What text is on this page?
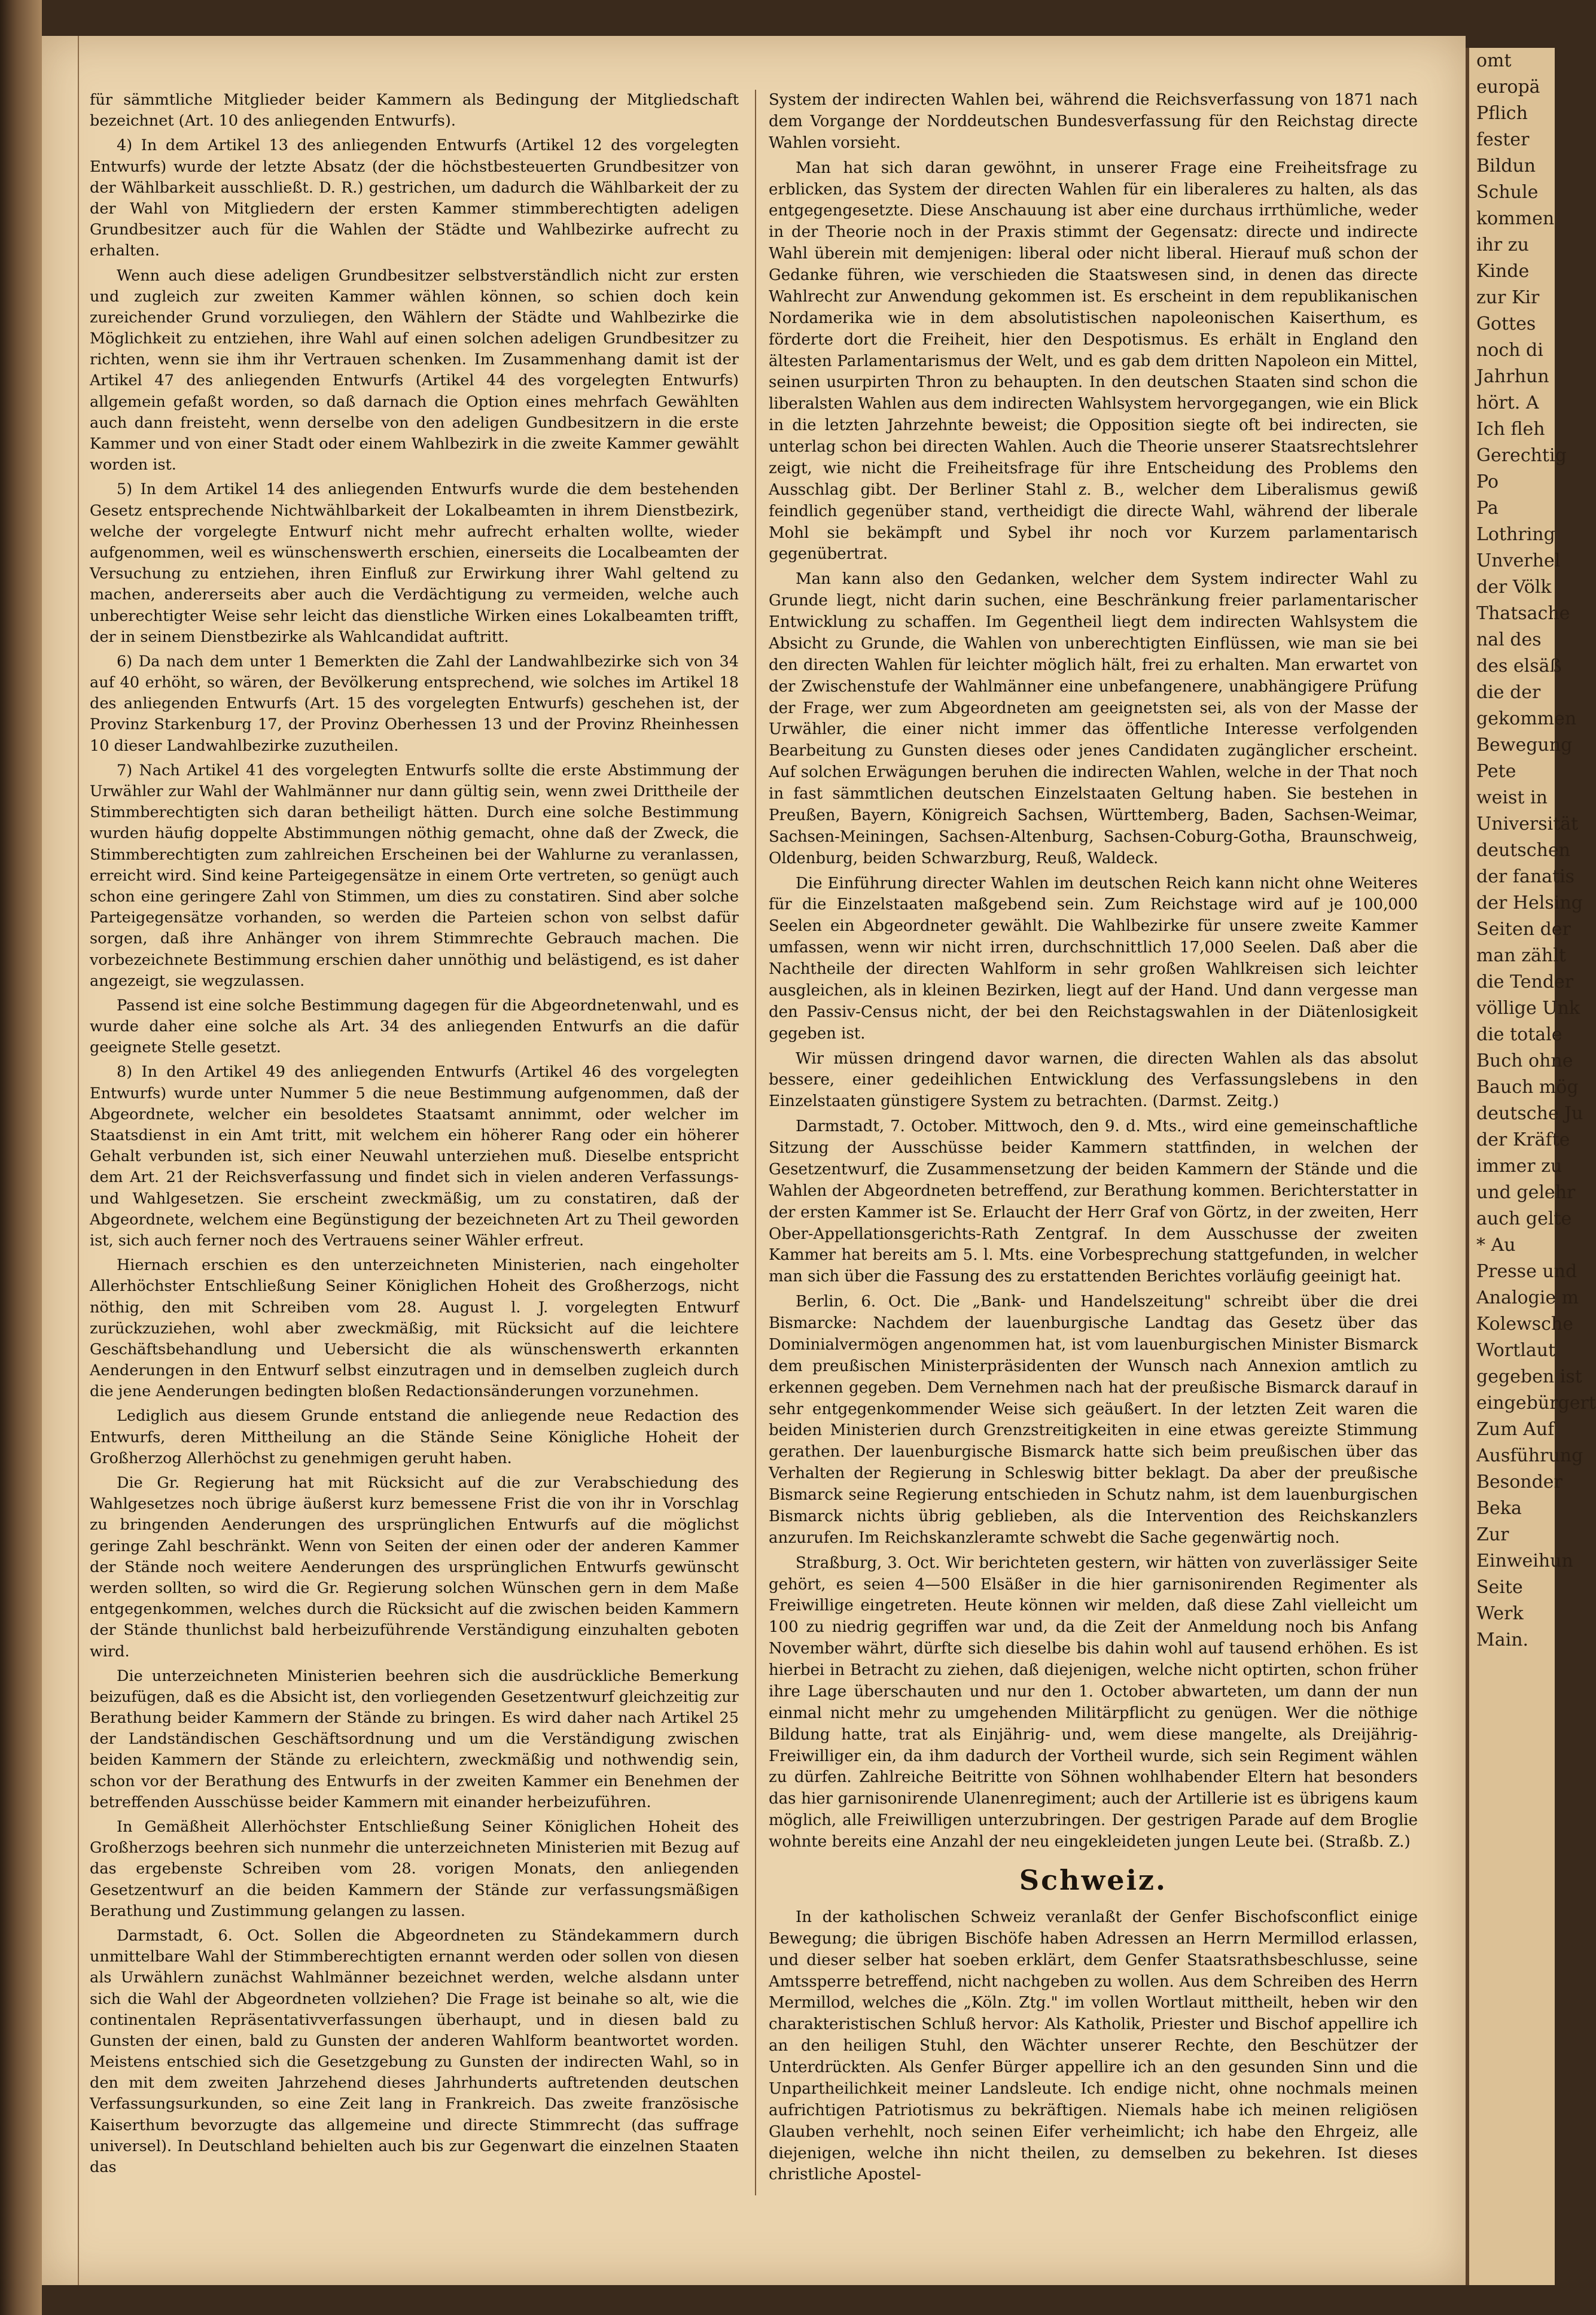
omt
europä
Pflich
fester
Bildun
Schule
kommen
ihr zu
Kinde
zur Kir
Gottes
noch di
Jahrhun
hört. A
Ich fleh
Gerechtig
Po
Pa
Lothring
Unverhel
der Völk
Thatsache
nal des
des elsäß
die der
gekommen
Bewegung
Pete
weist in
Universität
deutschen
der fanatis
der Helsing
Seiten der
man zählt
die Tender
völlige Unk
die totale
Buch ohne
Bauch mög
deutsche Ju
der Kräfte
immer zu
und gelehr
auch gelte
* Au
Presse und
Analogie m
Kolewsche
Wortlaut
gegeben ist
eingebürgert
Zum Auf
Ausführung
Besonder
Beka
Zur
Einweihun
Seite
Werk
Main.

für sämmtliche Mitglieder beider Kammern als Bedingung der Mitgliedschaft bezeichnet (Art. 10 des anliegenden Entwurfs).

4) In dem Artikel 13 des anliegenden Entwurfs (Artikel 12 des vorgelegten Entwurfs) wurde der letzte Absatz (der die höchstbesteuerten Grundbesitzer von der Wählbarkeit ausschließt. D. R.) gestrichen, um dadurch die Wählbarkeit der zu der Wahl von Mitgliedern der ersten Kammer stimmberechtigten adeligen Grundbesitzer auch für die Wahlen der Städte und Wahlbezirke aufrecht zu erhalten.

Wenn auch diese adeligen Grundbesitzer selbstverständlich nicht zur ersten und zugleich zur zweiten Kammer wählen können, so schien doch kein zureichender Grund vorzuliegen, den Wählern der Städte und Wahlbezirke die Möglichkeit zu entziehen, ihre Wahl auf einen solchen adeligen Grundbesitzer zu richten, wenn sie ihm ihr Vertrauen schenken. Im Zusammenhang damit ist der Artikel 47 des anliegenden Entwurfs (Artikel 44 des vorgelegten Entwurfs) allgemein gefaßt worden, so daß darnach die Option eines mehrfach Gewählten auch dann freisteht, wenn derselbe von den adeligen Gundbesitzern in die erste Kammer und von einer Stadt oder einem Wahlbezirk in die zweite Kammer gewählt worden ist.

5) In dem Artikel 14 des anliegenden Entwurfs wurde die dem bestehenden Gesetz entsprechende Nichtwählbarkeit der Lokalbeamten in ihrem Dienstbezirk, welche der vorgelegte Entwurf nicht mehr aufrecht erhalten wollte, wieder aufgenommen, weil es wünschenswerth erschien, einerseits die Localbeamten der Versuchung zu entziehen, ihren Einfluß zur Erwirkung ihrer Wahl geltend zu machen, andererseits aber auch die Verdächtigung zu vermeiden, welche auch unberechtigter Weise sehr leicht das dienstliche Wirken eines Lokalbeamten trifft, der in seinem Dienstbezirke als Wahlcandidat auftritt.

6) Da nach dem unter 1 Bemerkten die Zahl der Landwahlbezirke sich von 34 auf 40 erhöht, so wären, der Bevölkerung entsprechend, wie solches im Artikel 18 des anliegenden Entwurfs (Art. 15 des vorgelegten Entwurfs) geschehen ist, der Provinz Starkenburg 17, der Provinz Oberhessen 13 und der Provinz Rheinhessen 10 dieser Landwahlbezirke zuzutheilen.

7) Nach Artikel 41 des vorgelegten Entwurfs sollte die erste Abstimmung der Urwähler zur Wahl der Wahlmänner nur dann gültig sein, wenn zwei Drittheile der Stimmberechtigten sich daran betheiligt hätten. Durch eine solche Bestimmung wurden häufig doppelte Abstimmungen nöthig gemacht, ohne daß der Zweck, die Stimmberechtigten zum zahlreichen Erscheinen bei der Wahlurne zu veranlassen, erreicht wird. Sind keine Parteigegensätze in einem Orte vertreten, so genügt auch schon eine geringere Zahl von Stimmen, um dies zu constatiren. Sind aber solche Parteigegensätze vorhanden, so werden die Parteien schon von selbst dafür sorgen, daß ihre Anhänger von ihrem Stimmrechte Gebrauch machen. Die vorbezeichnete Bestimmung erschien daher unnöthig und belästigend, es ist daher angezeigt, sie wegzulassen.

Passend ist eine solche Bestimmung dagegen für die Abgeordnetenwahl, und es wurde daher eine solche als Art. 34 des anliegenden Entwurfs an die dafür geeignete Stelle gesetzt.

8) In den Artikel 49 des anliegenden Entwurfs (Artikel 46 des vorgelegten Entwurfs) wurde unter Nummer 5 die neue Bestimmung aufgenommen, daß der Abgeordnete, welcher ein besoldetes Staatsamt annimmt, oder welcher im Staatsdienst in ein Amt tritt, mit welchem ein höherer Rang oder ein höherer Gehalt verbunden ist, sich einer Neuwahl unterziehen muß. Dieselbe entspricht dem Art. 21 der Reichsverfassung und findet sich in vielen anderen Verfassungs- und Wahlgesetzen. Sie erscheint zweckmäßig, um zu constatiren, daß der Abgeordnete, welchem eine Begünstigung der bezeichneten Art zu Theil geworden ist, sich auch ferner noch des Vertrauens seiner Wähler erfreut.

Hiernach erschien es den unterzeichneten Ministerien, nach eingeholter Allerhöchster Entschließung Seiner Königlichen Hoheit des Großherzogs, nicht nöthig, den mit Schreiben vom 28. August l. J. vorgelegten Entwurf zurückzuziehen, wohl aber zweckmäßig, mit Rücksicht auf die leichtere Geschäftsbehandlung und Uebersicht die als wünschenswerth erkannten Aenderungen in den Entwurf selbst einzutragen und in demselben zugleich durch die jene Aenderungen bedingten bloßen Redactionsänderungen vorzunehmen.

Lediglich aus diesem Grunde entstand die anliegende neue Redaction des Entwurfs, deren Mittheilung an die Stände Seine Königliche Hoheit der Großherzog Allerhöchst zu genehmigen geruht haben.

Die Gr. Regierung hat mit Rücksicht auf die zur Verabschiedung des Wahlgesetzes noch übrige äußerst kurz bemessene Frist die von ihr in Vorschlag zu bringenden Aenderungen des ursprünglichen Entwurfs auf die möglichst geringe Zahl beschränkt. Wenn von Seiten der einen oder der anderen Kammer der Stände noch weitere Aenderungen des ursprünglichen Entwurfs gewünscht werden sollten, so wird die Gr. Regierung solchen Wünschen gern in dem Maße entgegenkommen, welches durch die Rücksicht auf die zwischen beiden Kammern der Stände thunlichst bald herbeizuführende Verständigung einzuhalten geboten wird.

Die unterzeichneten Ministerien beehren sich die ausdrückliche Bemerkung beizufügen, daß es die Absicht ist, den vorliegenden Gesetzentwurf gleichzeitig zur Berathung beider Kammern der Stände zu bringen. Es wird daher nach Artikel 25 der Landständischen Geschäftsordnung und um die Verständigung zwischen beiden Kammern der Stände zu erleichtern, zweckmäßig und nothwendig sein, schon vor der Berathung des Entwurfs in der zweiten Kammer ein Benehmen der betreffenden Ausschüsse beider Kammern mit einander herbeizuführen.

In Gemäßheit Allerhöchster Entschließung Seiner Königlichen Hoheit des Großherzogs beehren sich nunmehr die unterzeichneten Ministerien mit Bezug auf das ergebenste Schreiben vom 28. vorigen Monats, den anliegenden Gesetzentwurf an die beiden Kammern der Stände zur verfassungsmäßigen Berathung und Zustimmung gelangen zu lassen.

Darmstadt, 6. Oct. Sollen die Abgeordneten zu Ständekammern durch unmittelbare Wahl der Stimmberechtigten ernannt werden oder sollen von diesen als Urwählern zunächst Wahlmänner bezeichnet werden, welche alsdann unter sich die Wahl der Abgeordneten vollziehen? Die Frage ist beinahe so alt, wie die continentalen Repräsentativverfassungen überhaupt, und in diesen bald zu Gunsten der einen, bald zu Gunsten der anderen Wahlform beantwortet worden. Meistens entschied sich die Gesetzgebung zu Gunsten der indirecten Wahl, so in den mit dem zweiten Jahrzehend dieses Jahrhunderts auftretenden deutschen Verfassungsurkunden, so eine Zeit lang in Frankreich. Das zweite französische Kaiserthum bevorzugte das allgemeine und directe Stimmrecht (das suffrage universel). In Deutschland behielten auch bis zur Gegenwart die einzelnen Staaten das

System der indirecten Wahlen bei, während die Reichsverfassung von 1871 nach dem Vorgange der Norddeutschen Bundesverfassung für den Reichstag directe Wahlen vorsieht.

Man hat sich daran gewöhnt, in unserer Frage eine Freiheitsfrage zu erblicken, das System der directen Wahlen für ein liberaleres zu halten, als das entgegengesetzte. Diese Anschauung ist aber eine durchaus irrthümliche, weder in der Theorie noch in der Praxis stimmt der Gegensatz: directe und indirecte Wahl überein mit demjenigen: liberal oder nicht liberal. Hierauf muß schon der Gedanke führen, wie verschieden die Staatswesen sind, in denen das directe Wahlrecht zur Anwendung gekommen ist. Es erscheint in dem republikanischen Nordamerika wie in dem absolutistischen napoleonischen Kaiserthum, es förderte dort die Freiheit, hier den Despotismus. Es erhält in England den ältesten Parlamentarismus der Welt, und es gab dem dritten Napoleon ein Mittel, seinen usurpirten Thron zu behaupten. In den deutschen Staaten sind schon die liberalsten Wahlen aus dem indirecten Wahlsystem hervorgegangen, wie ein Blick in die letzten Jahrzehnte beweist; die Opposition siegte oft bei indirecten, sie unterlag schon bei directen Wahlen. Auch die Theorie unserer Staatsrechtslehrer zeigt, wie nicht die Freiheitsfrage für ihre Entscheidung des Problems den Ausschlag gibt. Der Berliner Stahl z. B., welcher dem Liberalismus gewiß feindlich gegenüber stand, vertheidigt die directe Wahl, während der liberale Mohl sie bekämpft und Sybel ihr noch vor Kurzem parlamentarisch gegenübertrat.

Man kann also den Gedanken, welcher dem System indirecter Wahl zu Grunde liegt, nicht darin suchen, eine Beschränkung freier parlamentarischer Entwicklung zu schaffen. Im Gegentheil liegt dem indirecten Wahlsystem die Absicht zu Grunde, die Wahlen von unberechtigten Einflüssen, wie man sie bei den directen Wahlen für leichter möglich hält, frei zu erhalten. Man erwartet von der Zwischenstufe der Wahlmänner eine unbefangenere, unabhängigere Prüfung der Frage, wer zum Abgeordneten am geeignetsten sei, als von der Masse der Urwähler, die einer nicht immer das öffentliche Interesse verfolgenden Bearbeitung zu Gunsten dieses oder jenes Candidaten zugänglicher erscheint. Auf solchen Erwägungen beruhen die indirecten Wahlen, welche in der That noch in fast sämmtlichen deutschen Einzelstaaten Geltung haben. Sie bestehen in Preußen, Bayern, Königreich Sachsen, Württemberg, Baden, Sachsen-Weimar, Sachsen-Meiningen, Sachsen-Altenburg, Sachsen-Coburg-Gotha, Braunschweig, Oldenburg, beiden Schwarzburg, Reuß, Waldeck.

Die Einführung directer Wahlen im deutschen Reich kann nicht ohne Weiteres für die Einzelstaaten maßgebend sein. Zum Reichstage wird auf je 100,000 Seelen ein Abgeordneter gewählt. Die Wahlbezirke für unsere zweite Kammer umfassen, wenn wir nicht irren, durchschnittlich 17,000 Seelen. Daß aber die Nachtheile der directen Wahlform in sehr großen Wahlkreisen sich leichter ausgleichen, als in kleinen Bezirken, liegt auf der Hand. Und dann vergesse man den Passiv-Census nicht, der bei den Reichstagswahlen in der Diätenlosigkeit gegeben ist.

Wir müssen dringend davor warnen, die directen Wahlen als das absolut bessere, einer gedeihlichen Entwicklung des Verfassungslebens in den Einzelstaaten günstigere System zu betrachten. (Darmst. Zeitg.)

Darmstadt, 7. October. Mittwoch, den 9. d. Mts., wird eine gemeinschaftliche Sitzung der Ausschüsse beider Kammern stattfinden, in welchen der Gesetzentwurf, die Zusammensetzung der beiden Kammern der Stände und die Wahlen der Abgeordneten betreffend, zur Berathung kommen. Berichterstatter in der ersten Kammer ist Se. Erlaucht der Herr Graf von Görtz, in der zweiten, Herr Ober-Appellationsgerichts-Rath Zentgraf. In dem Ausschusse der zweiten Kammer hat bereits am 5. l. Mts. eine Vorbesprechung stattgefunden, in welcher man sich über die Fassung des zu erstattenden Berichtes vorläufig geeinigt hat.

Berlin, 6. Oct. Die „Bank- und Handelszeitung" schreibt über die drei Bismarcke: Nachdem der lauenburgische Landtag das Gesetz über das Dominialvermögen angenommen hat, ist vom lauenburgischen Minister Bismarck dem preußischen Ministerpräsidenten der Wunsch nach Annexion amtlich zu erkennen gegeben. Dem Vernehmen nach hat der preußische Bismarck darauf in sehr entgegenkommender Weise sich geäußert. In der letzten Zeit waren die beiden Ministerien durch Grenzstreitigkeiten in eine etwas gereizte Stimmung gerathen. Der lauenburgische Bismarck hatte sich beim preußischen über das Verhalten der Regierung in Schleswig bitter beklagt. Da aber der preußische Bismarck seine Regierung entschieden in Schutz nahm, ist dem lauenburgischen Bismarck nichts übrig geblieben, als die Intervention des Reichskanzlers anzurufen. Im Reichskanzleramte schwebt die Sache gegenwärtig noch.

Straßburg, 3. Oct. Wir berichteten gestern, wir hätten von zuverlässiger Seite gehört, es seien 4—500 Elsäßer in die hier garnisonirenden Regimenter als Freiwillige eingetreten. Heute können wir melden, daß diese Zahl vielleicht um 100 zu niedrig gegriffen war und, da die Zeit der Anmeldung noch bis Anfang November währt, dürfte sich dieselbe bis dahin wohl auf tausend erhöhen. Es ist hierbei in Betracht zu ziehen, daß diejenigen, welche nicht optirten, schon früher ihre Lage überschauten und nur den 1. October abwarteten, um dann der nun einmal nicht mehr zu umgehenden Militärpflicht zu genügen. Wer die nöthige Bildung hatte, trat als Einjährig- und, wem diese mangelte, als Dreijährig-Freiwilliger ein, da ihm dadurch der Vortheil wurde, sich sein Regiment wählen zu dürfen. Zahlreiche Beitritte von Söhnen wohlhabender Eltern hat besonders das hier garnisonirende Ulanenregiment; auch der Artillerie ist es übrigens kaum möglich, alle Freiwilligen unterzubringen. Der gestrigen Parade auf dem Broglie wohnte bereits eine Anzahl der neu eingekleideten jungen Leute bei. (Straßb. Z.)

Schweiz.

In der katholischen Schweiz veranlaßt der Genfer Bischofsconflict einige Bewegung; die übrigen Bischöfe haben Adressen an Herrn Mermillod erlassen, und dieser selber hat soeben erklärt, dem Genfer Staatsrathsbeschlusse, seine Amtssperre betreffend, nicht nachgeben zu wollen. Aus dem Schreiben des Herrn Mermillod, welches die „Köln. Ztg." im vollen Wortlaut mittheilt, heben wir den charakteristischen Schluß hervor: Als Katholik, Priester und Bischof appellire ich an den heiligen Stuhl, den Wächter unserer Rechte, den Beschützer der Unterdrückten. Als Genfer Bürger appellire ich an den gesunden Sinn und die Unpartheilichkeit meiner Landsleute. Ich endige nicht, ohne nochmals meinen aufrichtigen Patriotismus zu bekräftigen. Niemals habe ich meinen religiösen Glauben verhehlt, noch seinen Eifer verheimlicht; ich habe den Ehrgeiz, alle diejenigen, welche ihn nicht theilen, zu demselben zu bekehren. Ist dieses christliche Apostel-
